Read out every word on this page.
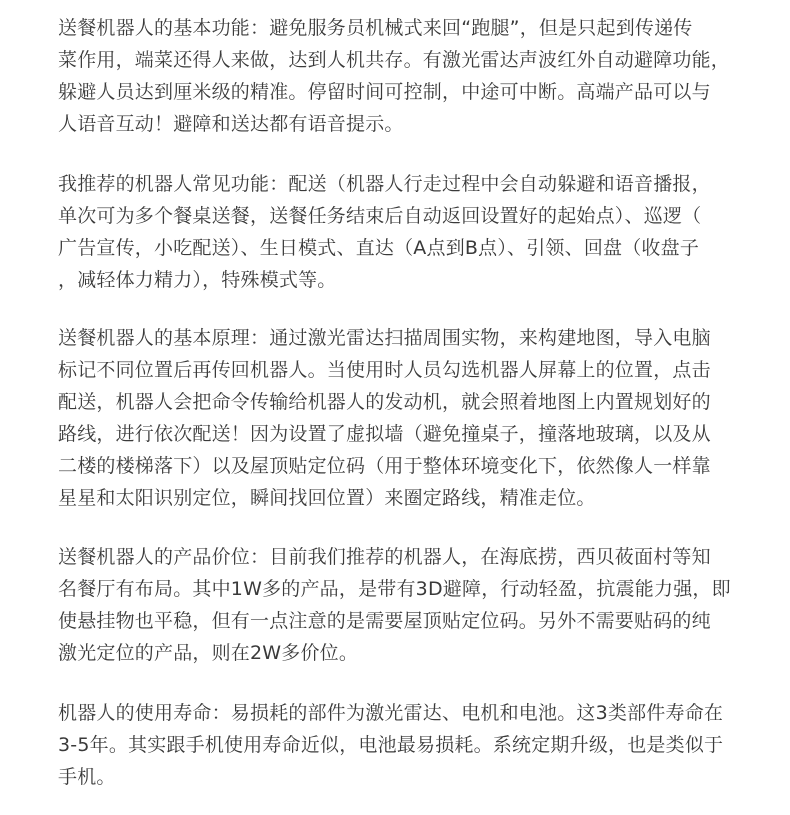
送餐机器人的基本功能：避免服务员机械式来回“跑腿”，但是只起到传递传
菜作用，端菜还得人来做，达到人机共存。有激光雷达声波红外自动避障功能，
躲避人员达到厘米级的精准。停留时间可控制，中途可中断。高端产品可以与
人语音互动！避障和送达都有语音提示。
我推荐的机器人常见功能：配送（机器人行走过程中会自动躲避和语音播报，
单次可为多个餐桌送餐，送餐任务结束后自动返回设置好的起始点）、巡逻（
广告宣传，小吃配送）、生日模式、直达（A点到B点）、引领、回盘（收盘子
，减轻体力精力），特殊模式等。
送餐机器人的基本原理：通过激光雷达扫描周围实物，来构建地图，导入电脑
标记不同位置后再传回机器人。当使用时人员勾选机器人屏幕上的位置，点击
配送，机器人会把命令传输给机器人的发动机，就会照着地图上内置规划好的
路线，进行依次配送！因为设置了虚拟墙（避免撞桌子，撞落地玻璃，以及从
二楼的楼梯落下）以及屋顶贴定位码（用于整体环境变化下，依然像人一样靠
星星和太阳识别定位，瞬间找回位置）来圈定路线，精准走位。
送餐机器人的产品价位：目前我们推荐的机器人，在海底捞，西贝莜面村等知
名餐厅有布局。其中1W多的产品，是带有3D避障，行动轻盈，抗震能力强，即
使悬挂物也平稳，但有一点注意的是需要屋顶贴定位码。另外不需要贴码的纯
激光定位的产品，则在2W多价位。
机器人的使用寿命：易损耗的部件为激光雷达、电机和电池。这3类部件寿命在
3-5年。其实跟手机使用寿命近似，电池最易损耗。系统定期升级，也是类似于
手机。
